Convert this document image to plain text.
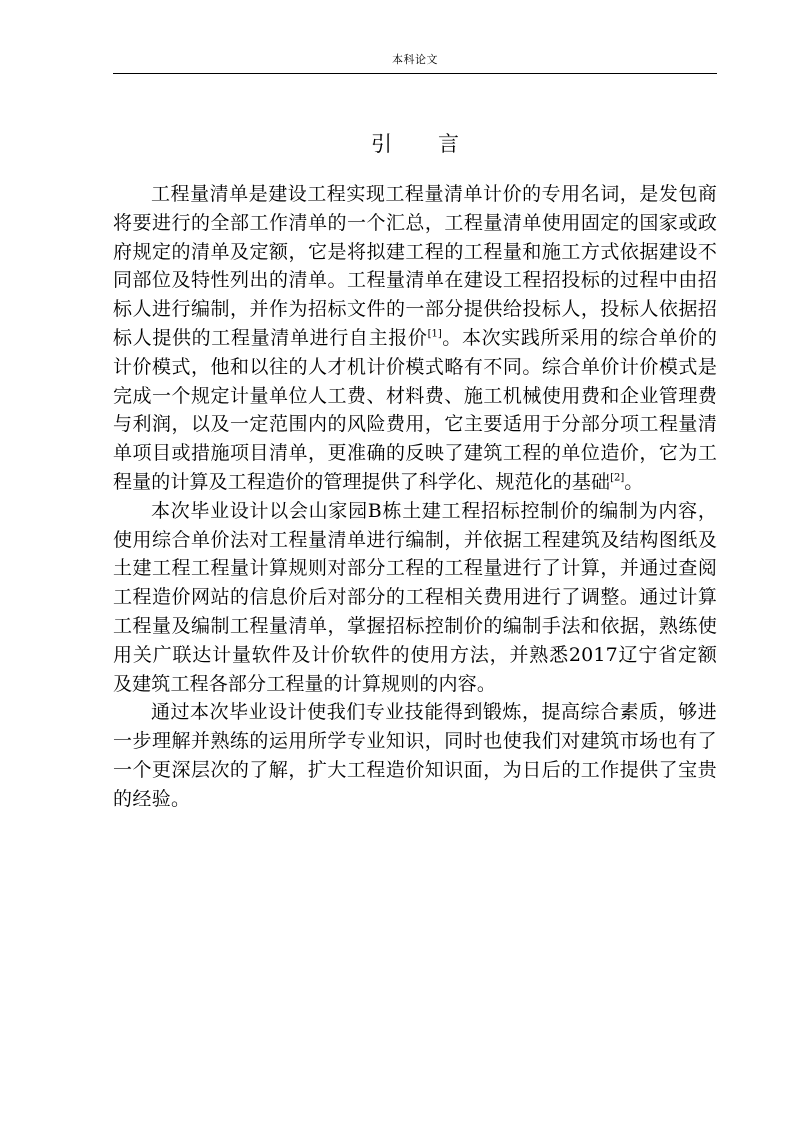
本科论文
引言

工程量清单是建设工程实现工程量清单计价的专用名词，是发包商将要进行的全部工作清单的一个汇总，工程量清单使用固定的国家或政府规定的清单及定额，它是将拟建工程的工程量和施工方式依据建设不同部位及特性列出的清单。工程量清单在建设工程招投标的过程中由招标人进行编制，并作为招标文件的一部分提供给投标人，投标人依据招标人提供的工程量清单进行自主报价[1]。本次实践所采用的综合单价的计价模式，他和以往的人才机计价模式略有不同。综合单价计价模式是完成一个规定计量单位人工费、材料费、施工机械使用费和企业管理费与利润，以及一定范围内的风险费用，它主要适用于分部分项工程量清单项目或措施项目清单，更准确的反映了建筑工程的单位造价，它为工程量的计算及工程造价的管理提供了科学化、规范化的基础[2]。

本次毕业设计以会山家园B栋土建工程招标控制价的编制为内容，使用综合单价法对工程量清单进行编制，并依据工程建筑及结构图纸及土建工程工程量计算规则对部分工程的工程量进行了计算，并通过查阅工程造价网站的信息价后对部分的工程相关费用进行了调整。通过计算工程量及编制工程量清单，掌握招标控制价的编制手法和依据，熟练使用关广联达计量软件及计价软件的使用方法，并熟悉2017辽宁省定额及建筑工程各部分工程量的计算规则的内容。

通过本次毕业设计使我们专业技能得到锻炼，提高综合素质，够进一步理解并熟练的运用所学专业知识，同时也使我们对建筑市场也有了一个更深层次的了解，扩大工程造价知识面，为日后的工作提供了宝贵的经验。
